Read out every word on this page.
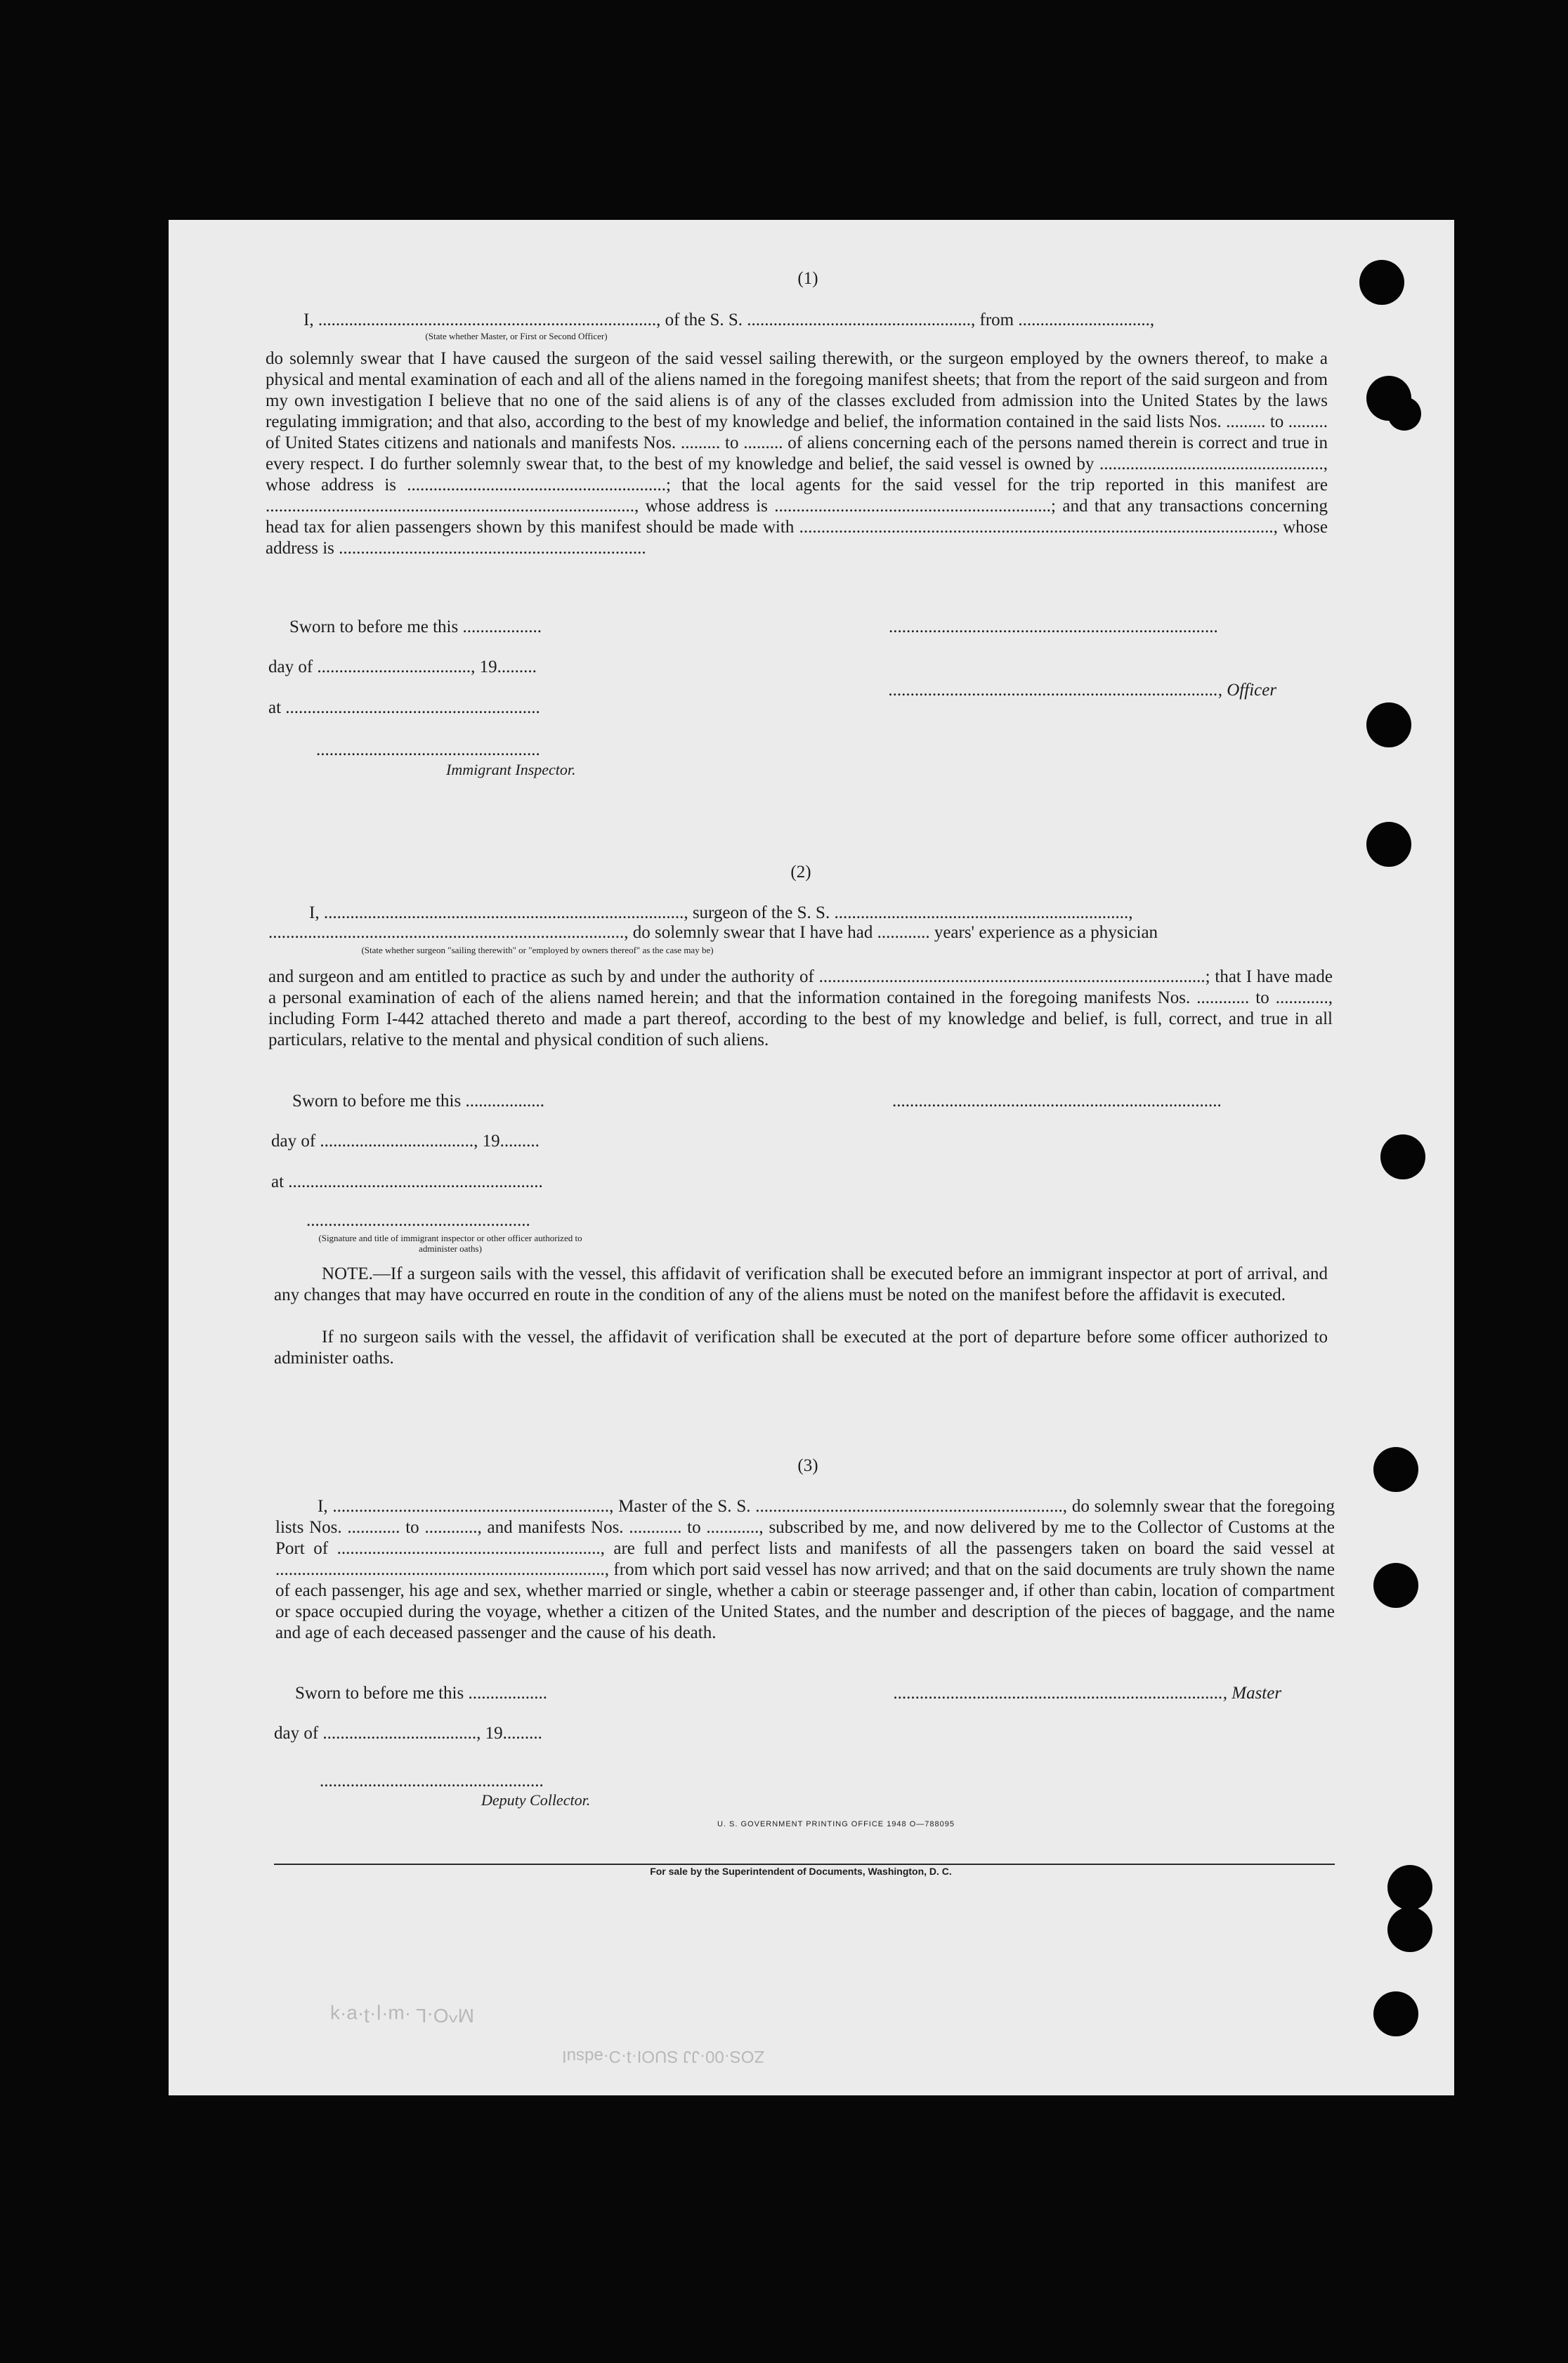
(1)
I, ............................................................................., of the S. S. ..................................................., from ..............................,
(State whether Master, or First or Second Officer)
do solemnly swear that I have caused the surgeon of the said vessel sailing therewith, or the surgeon employed by the owners thereof, to make a physical and mental examination of each and all of the aliens named in the foregoing manifest sheets; that from the report of the said surgeon and from my own investigation I believe that no one of the said aliens is of any of the classes excluded from admission into the United States by the laws regulating immigration; and that also, according to the best of my knowledge and belief, the information contained in the said lists Nos. ......... to ......... of United States citizens and nationals and manifests Nos. ......... to ......... of aliens concerning each of the persons named therein is correct and true in every respect. I do further solemnly swear that, to the best of my knowledge and belief, the said vessel is owned by ..................................................., whose address is ...........................................................; that the local agents for the said vessel for the trip reported in this manifest are ...................................................................................., whose address is ...............................................................; and that any transactions concerning head tax for alien passengers shown by this manifest should be made with ............................................................................................................, whose address is ......................................................................
Sworn to before me this ..................	...........................................................................
day of ..................................., 19.........
at ..........................................................
..........................................................................., Officer
...................................................
Immigrant Inspector.
(2)
I, .................................................................................., surgeon of the S. S. ...................................................................,
................................................................................., do solemnly swear that I have had ............ years' experience as a physician
(State whether surgeon "sailing therewith" or "employed by owners thereof" as the case may be)
and surgeon and am entitled to practice as such by and under the authority of ........................................................................................; that I have made a personal examination of each of the aliens named herein; and that the information contained in the foregoing manifests Nos. ............ to ............, including Form I-442 attached thereto and made a part thereof, according to the best of my knowledge and belief, is full, correct, and true in all particulars, relative to the mental and physical condition of such aliens.
Sworn to before me this ..................	...........................................................................
day of ..................................., 19.........
at ..........................................................
...................................................
(Signature and title of immigrant inspector or other officer authorized to administer oaths)
NOTE.—If a surgeon sails with the vessel, this affidavit of verification shall be executed before an immigrant inspector at port of arrival, and any changes that may have occurred en route in the condition of any of the aliens must be noted on the manifest before the affidavit is executed.
If no surgeon sails with the vessel, the affidavit of verification shall be executed at the port of departure before some officer authorized to administer oaths.
(3)
I, ..............................................................., Master of the S. S. ......................................................................, do solemnly swear that the foregoing lists Nos. ............ to ............, and manifests Nos. ............ to ............, subscribed by me, and now delivered by me to the Collector of Customs at the Port of ............................................................, are full and perfect lists and manifests of all the passengers taken on board the said vessel at ..........................................................................., from which port said vessel has now arrived; and that on the said documents are truly shown the name of each passenger, his age and sex, whether married or single, whether a cabin or steerage passenger and, if other than cabin, location of compartment or space occupied during the voyage, whether a citizen of the United States, and the number and description of the pieces of baggage, and the name and age of each deceased passenger and the cause of his death.
Sworn to before me this ..................	..........................................................................., Master
day of ..................................., 19.........
...................................................
Deputy Collector.
U. S. GOVERNMENT PRINTING OFFICE 1948 O—788095
For sale by the Superintendent of Documents, Washington, D. C.
M^O·L ·ɯ·ꞁ·ʇ·ɐ·ʞ
ZOS·00·JJ SUOI·ʇ·Ɔ·ǝdsuI
